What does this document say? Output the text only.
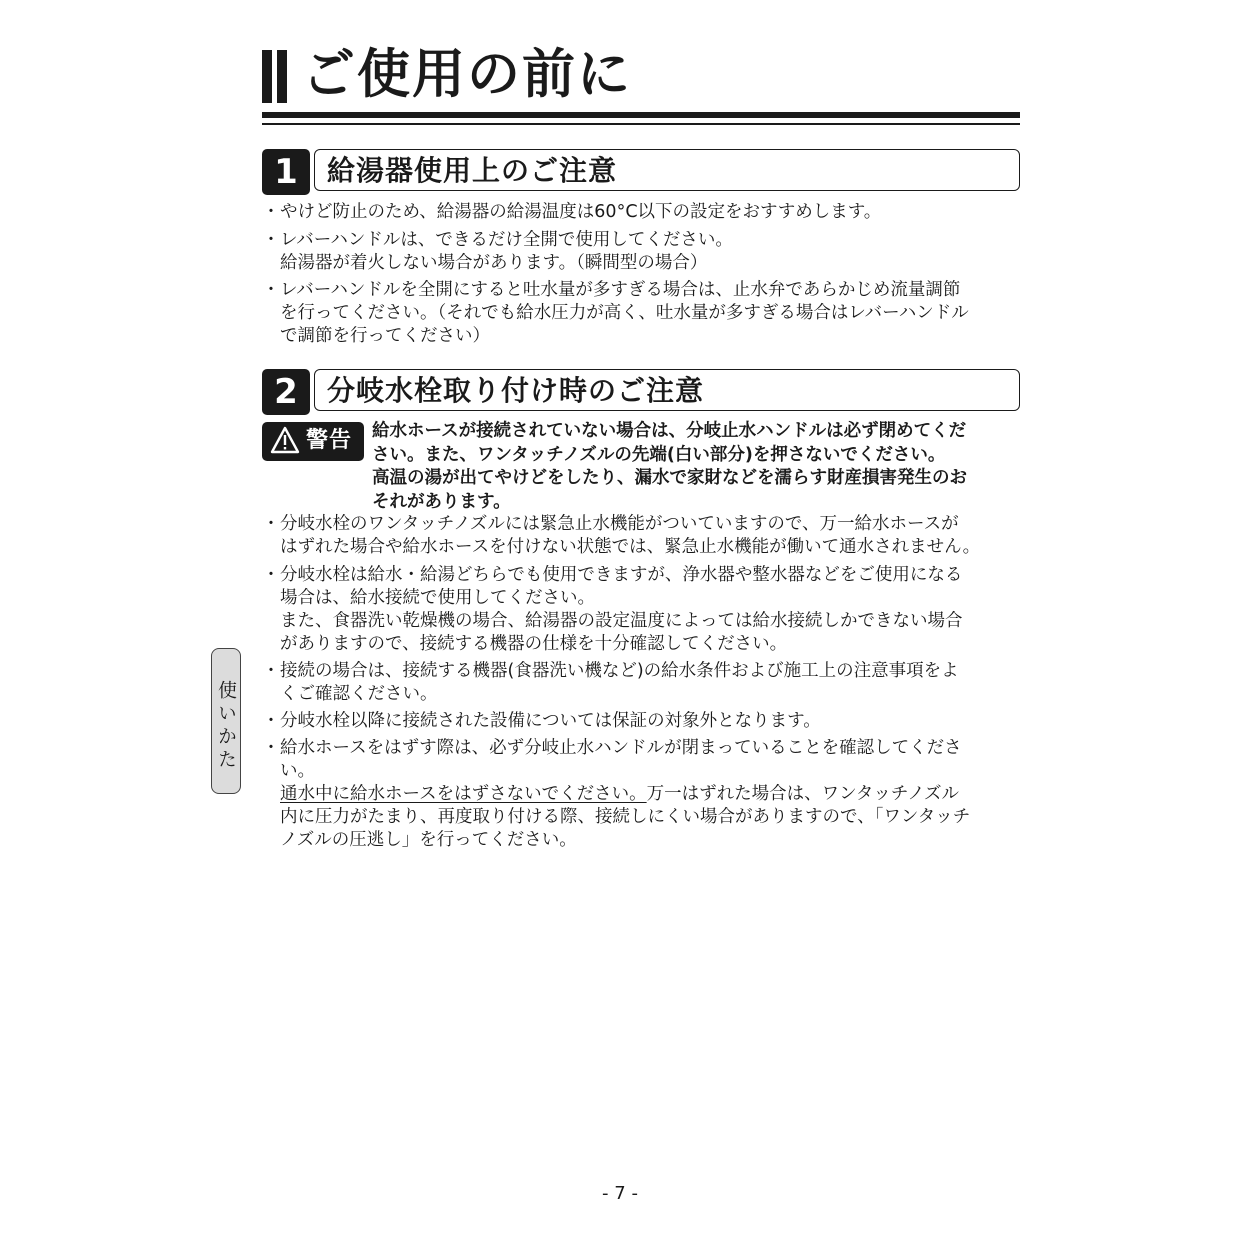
ご使用の前に
1	給湯器使用上のご注意
・ やけど防止のため、給湯器の給湯温度は60°C以下の設定をおすすめします。
・ レバーハンドルは、できるだけ全開で使用してください。
給湯器が着火しない場合があります。（瞬間型の場合）
・ レバーハンドルを全開にすると吐水量が多すぎる場合は、止水弁であらかじめ流量調節
を行ってください。（それでも給水圧力が高く、吐水量が多すぎる場合はレバーハンドル
で調節を行ってください）
2	分岐水栓取り付け時のご注意
警告 給水ホースが接続されていない場合は、分岐止水ハンドルは必ず閉めてくだ
さい。また、ワンタッチノズルの先端(白い部分)を押さないでください。
高温の湯が出てやけどをしたり、漏水で家財などを濡らす財産損害発生のお
それがあります。
・ 分岐水栓のワンタッチノズルには緊急止水機能がついていますので、万一給水ホースが
はずれた場合や給水ホースを付けない状態では、緊急止水機能が働いて通水されません。
・ 分岐水栓は給水・給湯どちらでも使用できますが、浄水器や整水器などをご使用になる
場合は、給水接続で使用してください。
また、食器洗い乾燥機の場合、給湯器の設定温度によっては給水接続しかできない場合
がありますので、接続する機器の仕様を十分確認してください。
・ 接続の場合は、接続する機器(食器洗い機など)の給水条件および施工上の注意事項をよ
くご確認ください。
・ 分岐水栓以降に接続された設備については保証の対象外となります。
・ 給水ホースをはずす際は、必ず分岐止水ハンドルが閉まっていることを確認してくださ
い。
通水中に給水ホースをはずさないでください。万一はずれた場合は、ワンタッチノズル
内に圧力がたまり、再度取り付ける際、接続しにくい場合がありますので、「ワンタッチ
ノズルの圧逃し」を行ってください。
使いかた
- 7 -
